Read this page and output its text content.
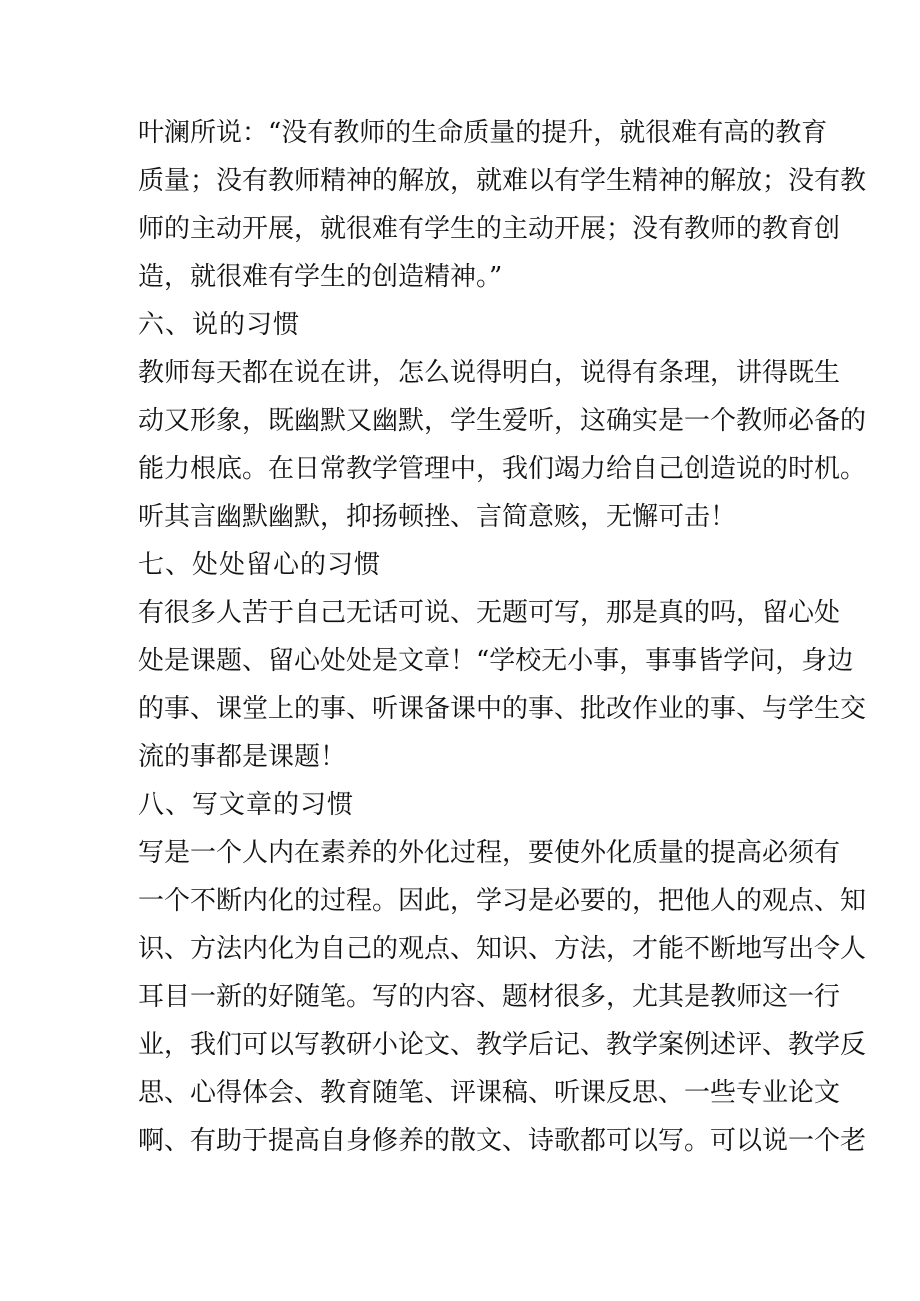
叶澜所说：“没有教师的生命质量的提升，就很难有高的教育
质量；没有教师精神的解放，就难以有学生精神的解放；没有教
师的主动开展，就很难有学生的主动开展；没有教师的教育创
造，就很难有学生的创造精神。”
六、说的习惯
教师每天都在说在讲，怎么说得明白，说得有条理，讲得既生
动又形象，既幽默又幽默，学生爱听，这确实是一个教师必备的
能力根底。在日常教学管理中，我们竭力给自己创造说的时机。
听其言幽默幽默，抑扬顿挫、言简意赅，无懈可击！
七、处处留心的习惯
有很多人苦于自己无话可说、无题可写，那是真的吗，留心处
处是课题、留心处处是文章！“学校无小事，事事皆学问，身边
的事、课堂上的事、听课备课中的事、批改作业的事、与学生交
流的事都是课题！
八、写文章的习惯
写是一个人内在素养的外化过程，要使外化质量的提高必须有
一个不断内化的过程。因此，学习是必要的，把他人的观点、知
识、方法内化为自己的观点、知识、方法，才能不断地写出令人
耳目一新的好随笔。写的内容、题材很多，尤其是教师这一行
业，我们可以写教研小论文、教学后记、教学案例述评、教学反
思、心得体会、教育随笔、评课稿、听课反思、一些专业论文
啊、有助于提高自身修养的散文、诗歌都可以写。可以说一个老
